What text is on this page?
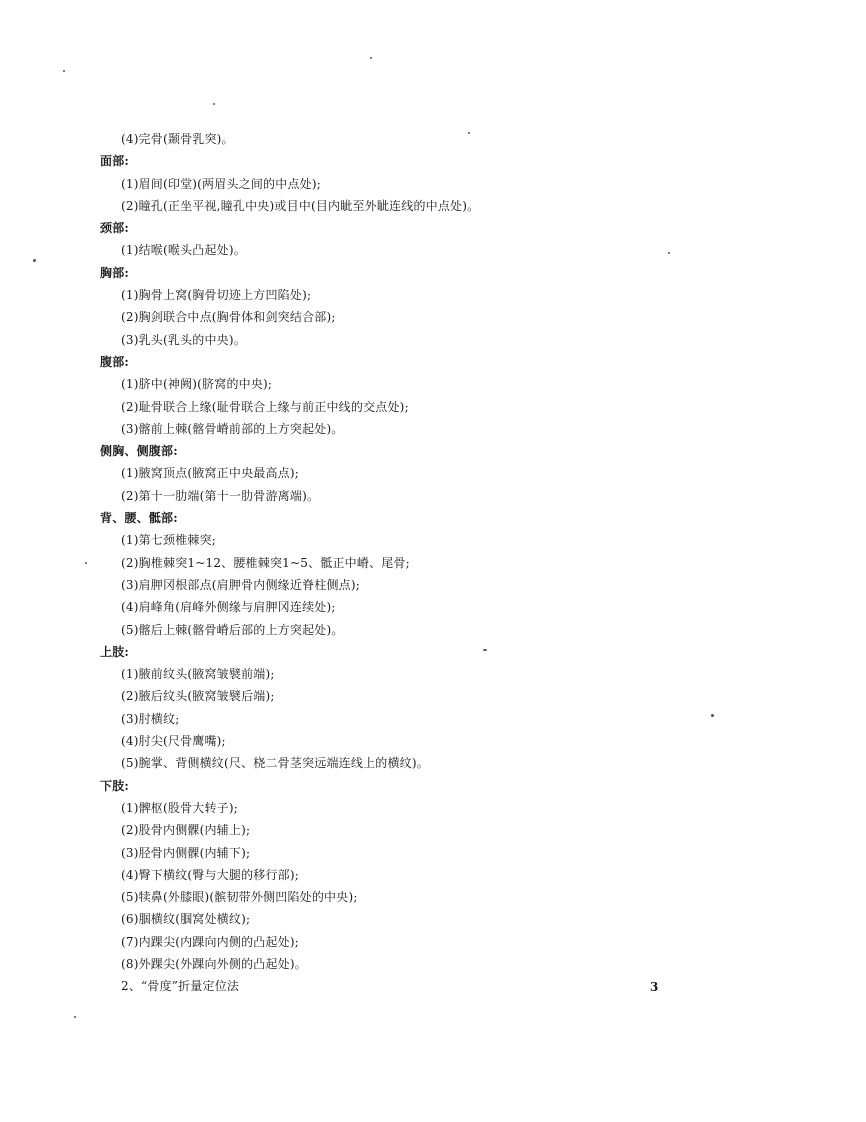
(4)完骨(颞骨乳突)。
面部:
(1)眉间(印堂)(两眉头之间的中点处);
(2)瞳孔(正坐平视,瞳孔中央)或目中(目内眦至外眦连线的中点处)。
颈部:
(1)结喉(喉头凸起处)。
胸部:
(1)胸骨上窝(胸骨切迹上方凹陷处);
(2)胸剑联合中点(胸骨体和剑突结合部);
(3)乳头(乳头的中央)。
腹部:
(1)脐中(神阙)(脐窝的中央);
(2)耻骨联合上缘(耻骨联合上缘与前正中线的交点处);
(3)髂前上棘(髂骨嵴前部的上方突起处)。
侧胸、侧腹部:
(1)腋窝顶点(腋窝正中央最高点);
(2)第十一肋端(第十一肋骨游离端)。
背、腰、骶部:
(1)第七颈椎棘突;
(2)胸椎棘突1~12、腰椎棘突1~5、骶正中嵴、尾骨;
(3)肩胛冈根部点(肩胛骨内侧缘近脊柱侧点);
(4)肩峰角(肩峰外侧缘与肩胛冈连续处);
(5)髂后上棘(髂骨嵴后部的上方突起处)。
上肢:
(1)腋前纹头(腋窝皱襞前端);
(2)腋后纹头(腋窝皱襞后端);
(3)肘横纹;
(4)肘尖(尺骨鹰嘴);
(5)腕掌、背侧横纹(尺、桡二骨茎突远端连线上的横纹)。
下肢:
(1)髀枢(股骨大转子);
(2)股骨内侧髁(内辅上);
(3)胫骨内侧髁(内辅下);
(4)臀下横纹(臀与大腿的移行部);
(5)犊鼻(外膝眼)(髌韧带外侧凹陷处的中央);
(6)腘横纹(腘窝处横纹);
(7)内踝尖(内踝向内侧的凸起处);
(8)外踝尖(外踝向外侧的凸起处)。
2、“骨度”折量定位法	3
